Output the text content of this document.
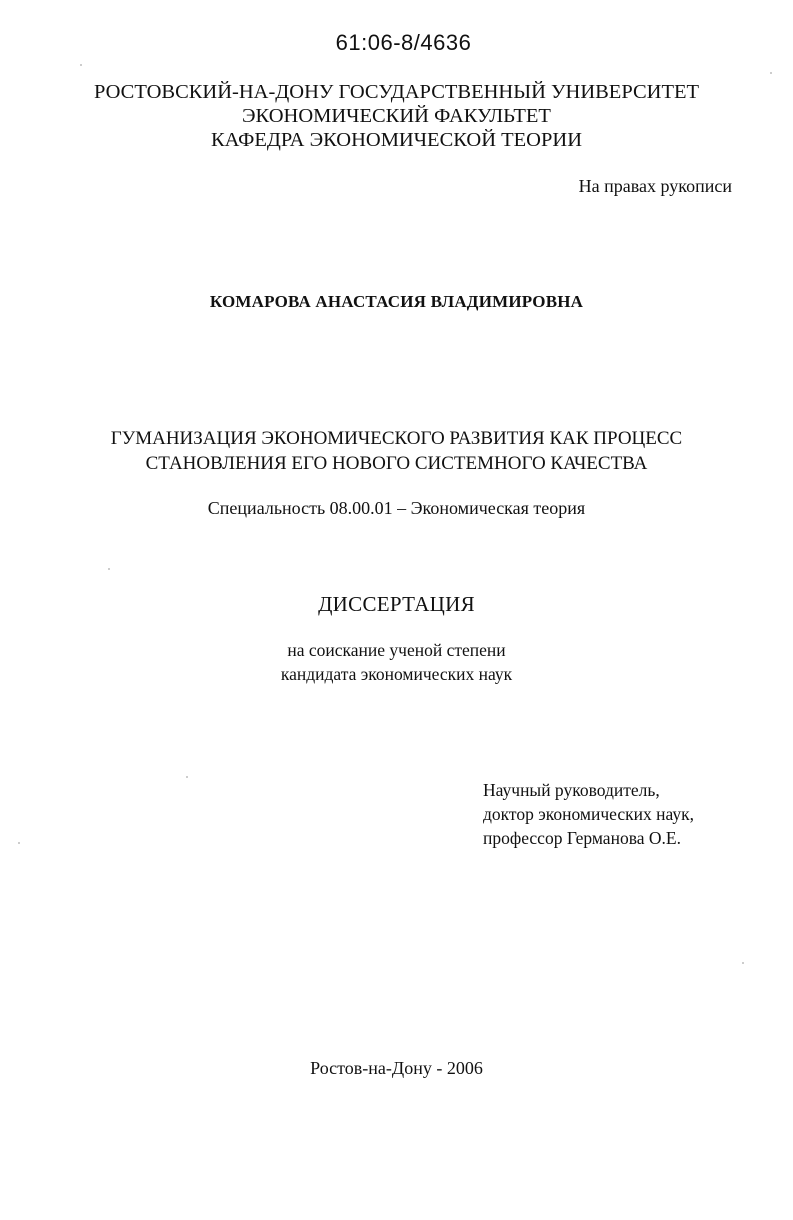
61:06-8/4636
РОСТОВСКИЙ-НА-ДОНУ ГОСУДАРСТВЕННЫЙ УНИВЕРСИТЕТ
ЭКОНОМИЧЕСКИЙ ФАКУЛЬТЕТ
КАФЕДРА ЭКОНОМИЧЕСКОЙ ТЕОРИИ
На правах рукописи
КОМАРОВА АНАСТАСИЯ ВЛАДИМИРОВНА
ГУМАНИЗАЦИЯ ЭКОНОМИЧЕСКОГО РАЗВИТИЯ КАК ПРОЦЕСС
СТАНОВЛЕНИЯ ЕГО НОВОГО СИСТЕМНОГО КАЧЕСТВА
Специальность 08.00.01 – Экономическая теория
ДИССЕРТАЦИЯ
на соискание ученой степени
кандидата экономических наук
Научный руководитель,
доктор экономических наук,
профессор Германова О.Е.
Ростов-на-Дону - 2006
